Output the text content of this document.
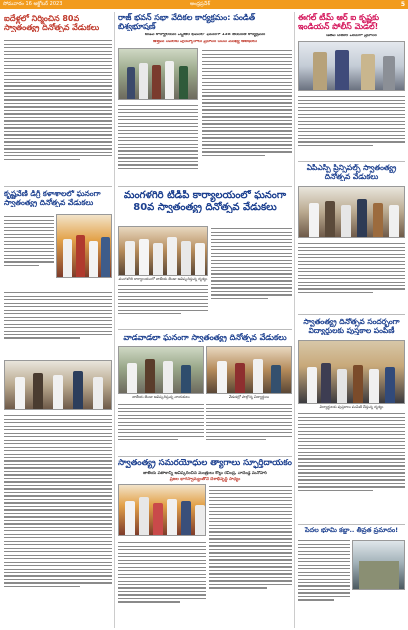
సోమవారం 16 అక్టోబర్ 2023	ఆంధ్రప్రదేశ్	5
ఐదేళ్లలో నిర్మించిన 80వ స్వాతంత్య్ర దినోత్సవ వేడుకలు
రాజ్ భవన్ సభా వేదికల కార్యక్రమం: పండిత్ బిశ్వభూషణ్
టీడీపీ కార్యాలయం ఎన్టీఆర్ భవన్‌లో ఘనంగా 138 జయంతి కార్యక్రమం
ఉత్తమ సేవలకు పురస్కారాలు ప్రదానం చేసిన ముఖ్య అతిథులు
ఈగల్ టీమ్ ఆర్ ఐ కృష్ణకు ఇండియన్ పోలీస్ మెడల్!
డీజీపీ చేతుల మీదుగా ప్రదానం
ఏపీఎస్పీ ప్రిన్సిపల్స్ స్వాతంత్య్ర దినోత్సవ వేడుకలు
స్వాతంత్య్ర దినోత్సవ సందర్భంగా విద్యార్థులకు పుస్తకాల పంపిణీ
విద్యార్థులకు పుస్తకాలు పంపిణీ చేస్తున్న దృశ్యం
పేదల భూమి కబ్జా.. తీవ్రత ప్రమాదం!
మంగళగిరి టీడీపీ కార్యాలయంలో ఘనంగా 80వ స్వాతంత్య్ర దినోత్సవ వేడుకలు
మంగళగిరి కార్యాలయంలో జాతీయ జెండా ఆవిష్కరిస్తున్న దృశ్యం
కృష్ణవేణి డిగ్రీ కళాశాలలో ఘనంగా స్వాతంత్య్ర దినోత్సవ వేడుకలు
వాడవాడలా ఘనంగా స్వాతంత్య్ర దినోత్సవ వేడుకలు
జాతీయ జెండా ఆవిష్కరిస్తున్న నాయకులు	వేడుకల్లో పాల్గొన్న విద్యార్థులు
స్వాతంత్య్ర సమరయోధుల త్యాగాలు స్ఫూర్తిదాయకం
జాతీయ పతాకాన్ని ఆవిష్కరించిన మంత్రులు కొల్లు రవీంద్ర, నాదెండ్ల మనోహర్
ప్రజల భాగస్వామ్యంతోనే దేశాభివృద్ధి సాధ్యం
